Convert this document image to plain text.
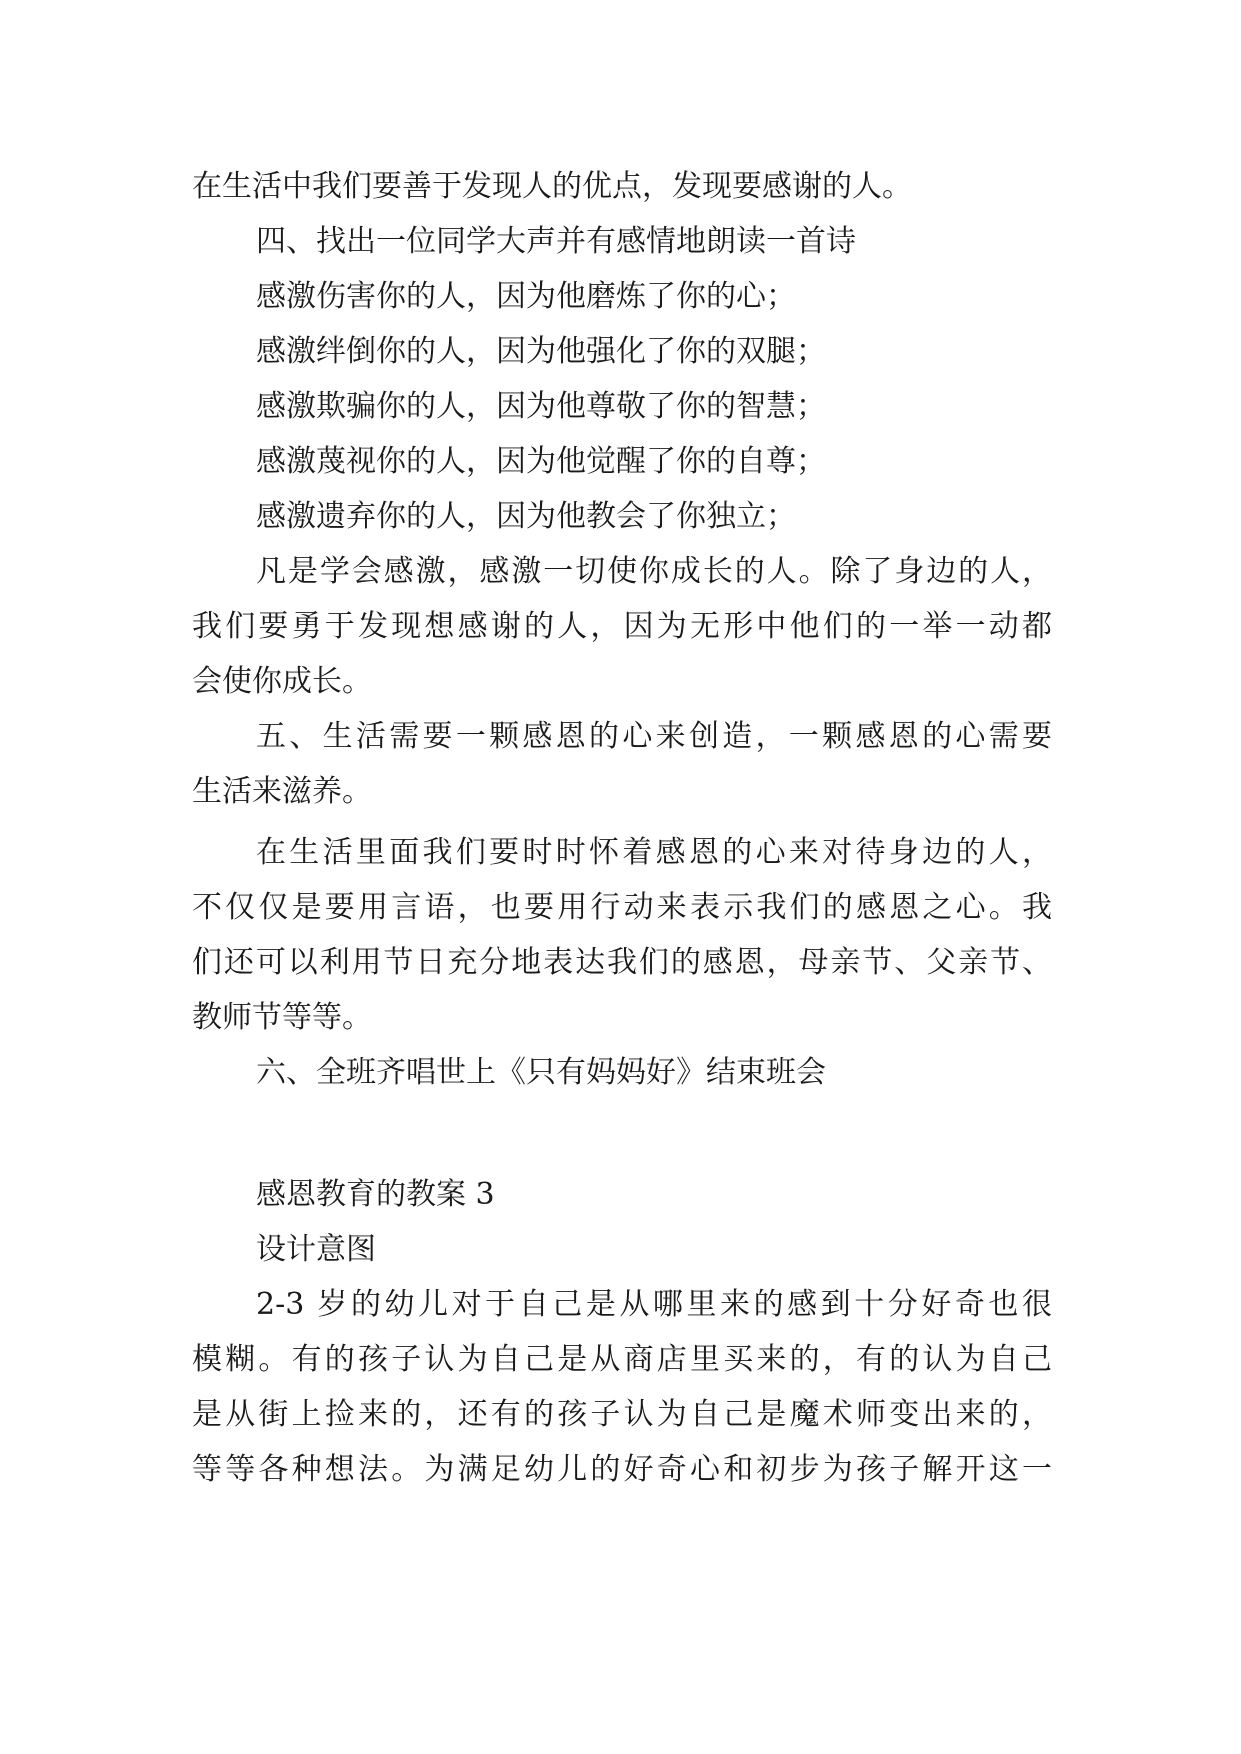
在生活中我们要善于发现人的优点，发现要感谢的人。
四、找出一位同学大声并有感情地朗读一首诗
感激伤害你的人，因为他磨炼了你的心；
感激绊倒你的人，因为他强化了你的双腿；
感激欺骗你的人，因为他尊敬了你的智慧；
感激蔑视你的人，因为他觉醒了你的自尊；
感激遗弃你的人，因为他教会了你独立；
凡是学会感激，感激一切使你成长的人。除了身边的人，
我们要勇于发现想感谢的人，因为无形中他们的一举一动都
会使你成长。
五、生活需要一颗感恩的心来创造，一颗感恩的心需要
生活来滋养。
在生活里面我们要时时怀着感恩的心来对待身边的人，
不仅仅是要用言语，也要用行动来表示我们的感恩之心。我
们还可以利用节日充分地表达我们的感恩，母亲节、父亲节、
教师节等等。
六、全班齐唱世上《只有妈妈好》结束班会
感恩教育的教案 3
设计意图
2-3 岁的幼儿对于自己是从哪里来的感到十分好奇也很
模糊。有的孩子认为自己是从商店里买来的，有的认为自己
是从街上捡来的，还有的孩子认为自己是魔术师变出来的，
等等各种想法。为满足幼儿的好奇心和初步为孩子解开这一
